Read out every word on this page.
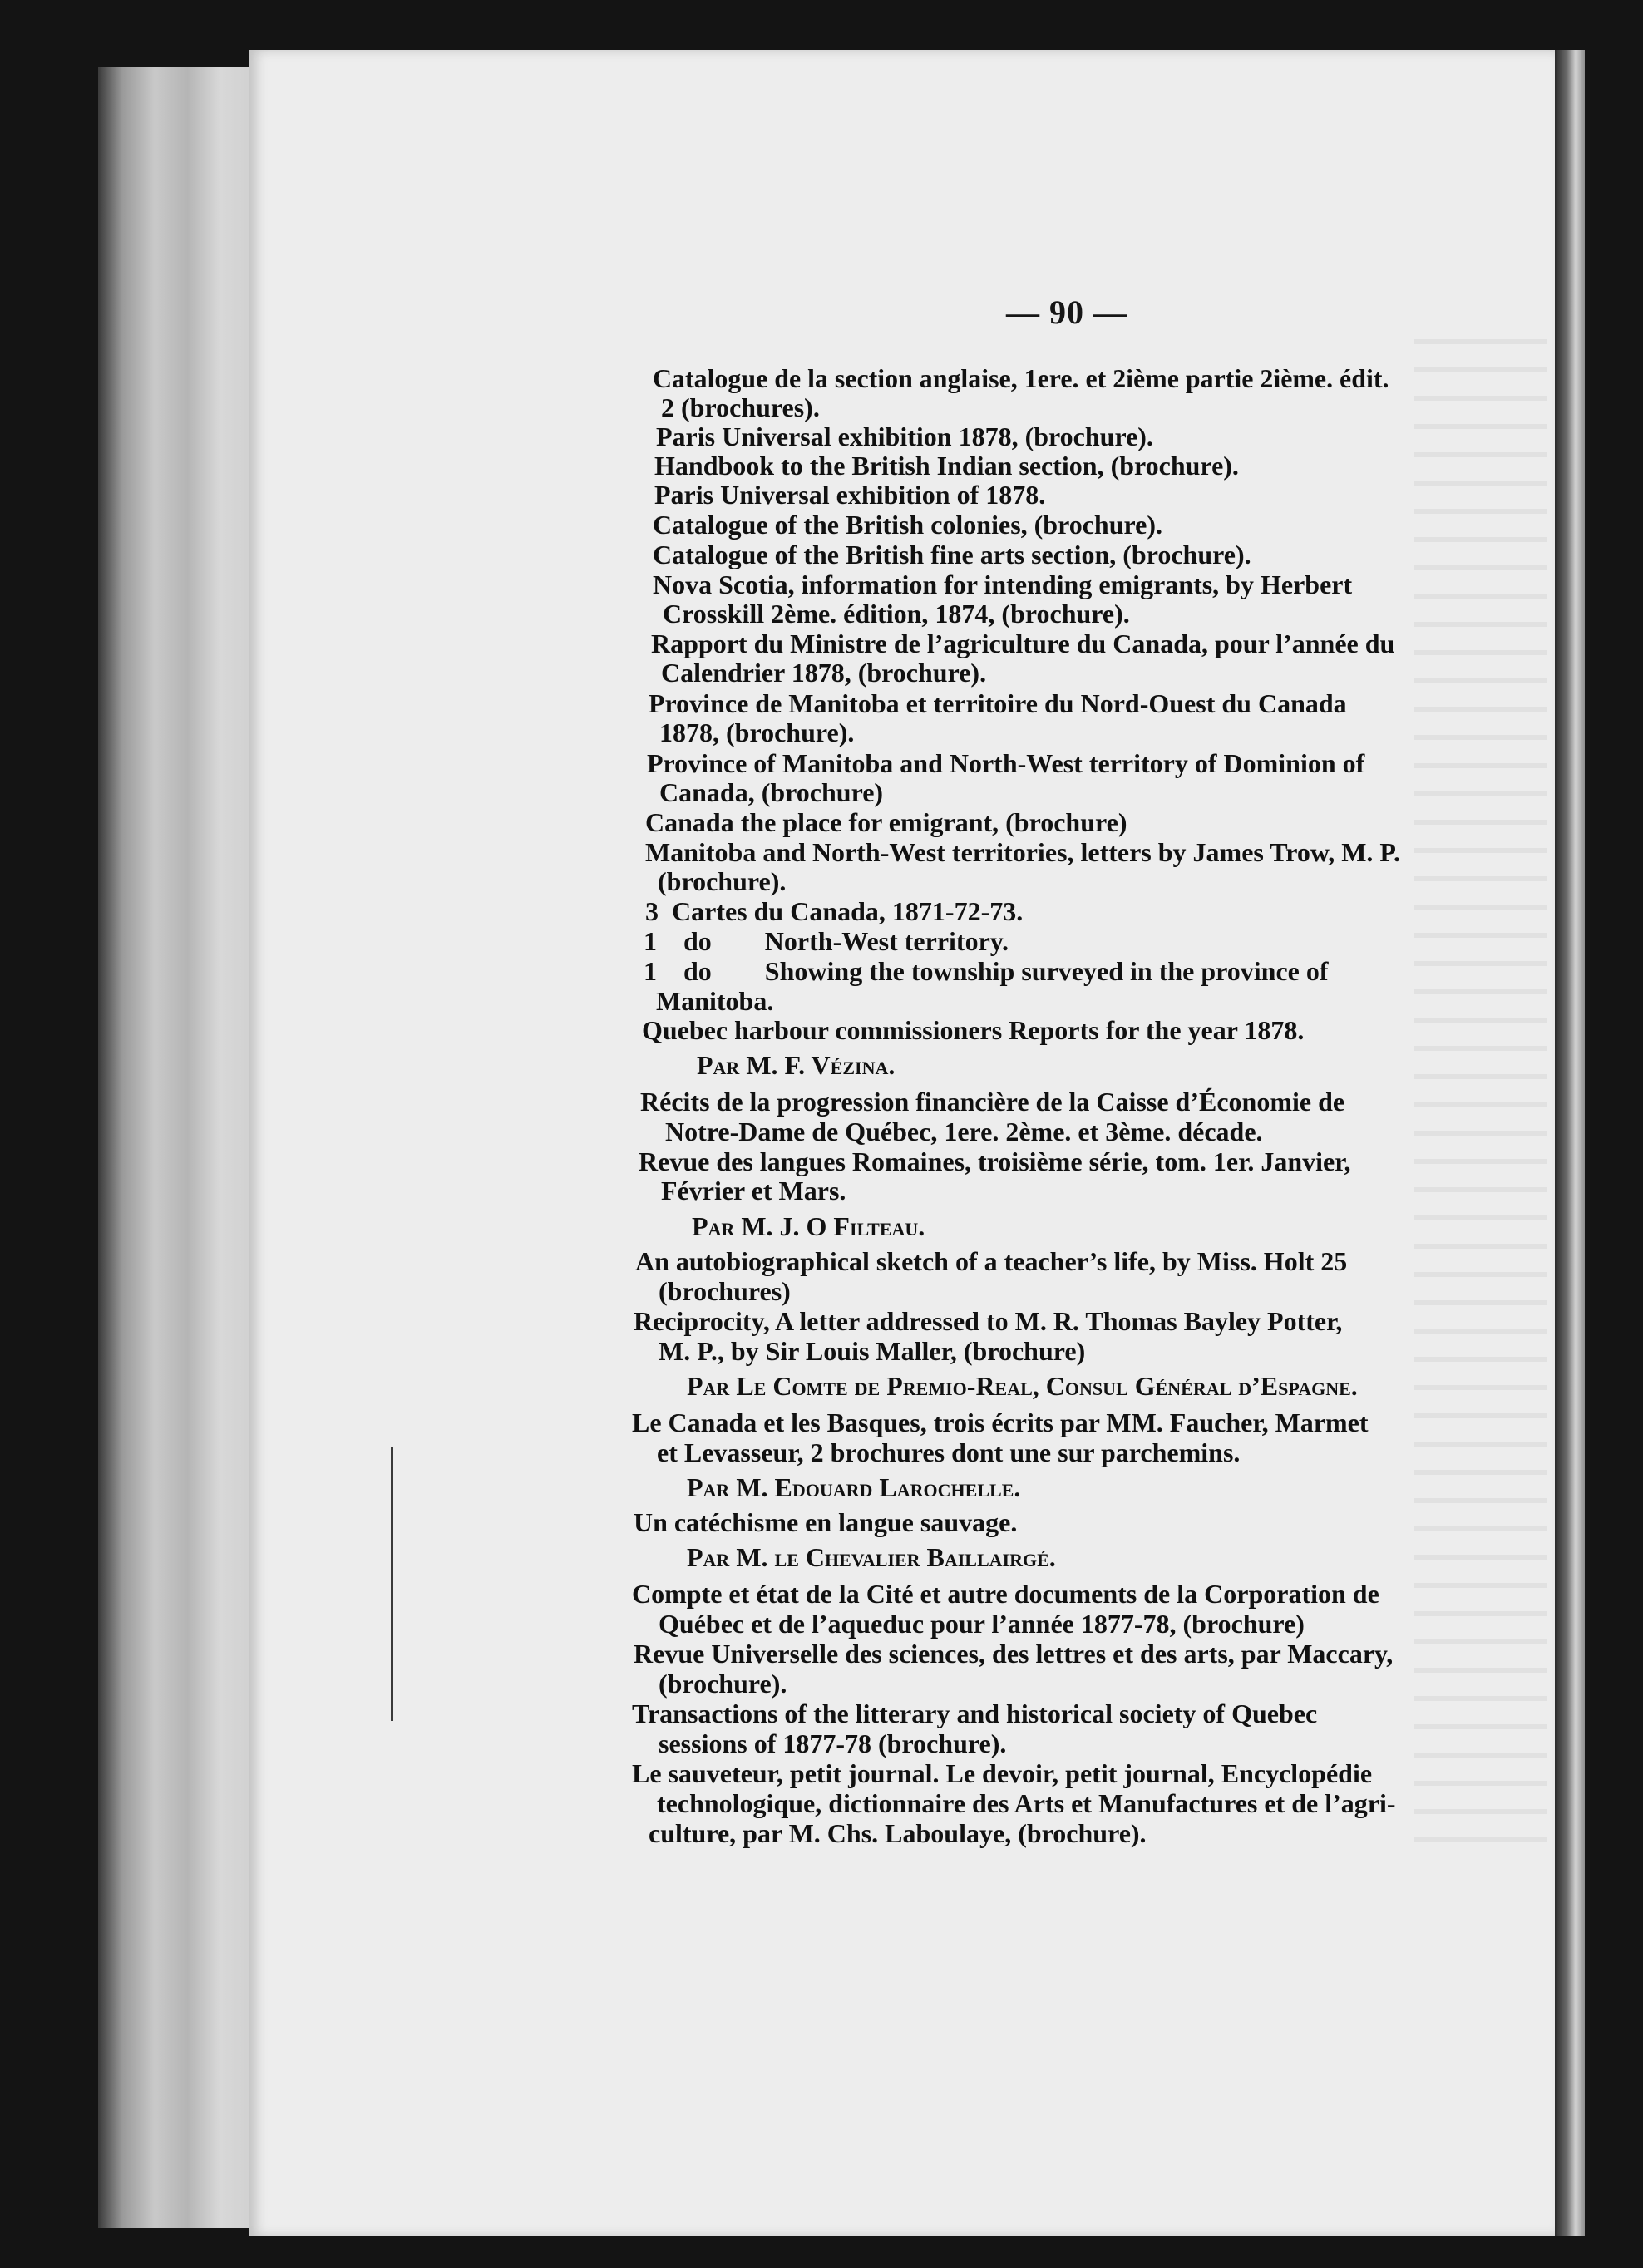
— 90 —
Catalogue de la section anglaise, 1ere. et 2ième partie 2ième. édit.
2 (brochures).
Paris Universal exhibition 1878, (brochure).
Handbook to the British Indian section, (brochure).
Paris Universal exhibition of 1878.
Catalogue of the British colonies, (brochure).
Catalogue of the British fine arts section, (brochure).
Nova Scotia, information for intending emigrants, by Herbert
Crosskill 2ème. édition, 1874, (brochure).
Rapport du Ministre de l’agriculture du Canada, pour l’année du
Calendrier 1878, (brochure).
Province de Manitoba et territoire du Nord-Ouest du Canada
1878, (brochure).
Province of Manitoba and North-West territory of Dominion of
Canada, (brochure)
Canada the place for emigrant, (brochure)
Manitoba and North-West territories, letters by James Trow, M. P.
(brochure).
3  Cartes du Canada, 1871-72-73.
1    do        North-West territory.
1    do        Showing the township surveyed in the province of
Manitoba.
Quebec harbour commissioners Reports for the year 1878.
Par M. F. Vézina.
Récits de la progression financière de la Caisse d’Économie de
Notre-Dame de Québec, 1ere. 2ème. et 3ème. décade.
Revue des langues Romaines, troisième série, tom. 1er. Janvier,
Février et Mars.
Par M. J. O Filteau.
An autobiographical sketch of a teacher’s life, by Miss. Holt 25
(brochures)
Reciprocity, A letter addressed to M. R. Thomas Bayley Potter,
M. P., by Sir Louis Maller, (brochure)
Par Le Comte de Premio-Real, Consul Général d’Espagne.
Le Canada et les Basques, trois écrits par MM. Faucher, Marmet
et Levasseur, 2 brochures dont une sur parchemins.
Par M. Edouard Larochelle.
Un catéchisme en langue sauvage.
Par M. le Chevalier Baillairgé.
Compte et état de la Cité et autre documents de la Corporation de
Québec et de l’aqueduc pour l’année 1877-78, (brochure)
Revue Universelle des sciences, des lettres et des arts, par Maccary,
(brochure).
Transactions of the litterary and historical society of Quebec
sessions of 1877-78 (brochure).
Le sauveteur, petit journal. Le devoir, petit journal, Encyclopédie
technologique, dictionnaire des Arts et Manufactures et de l’agri-
culture, par M. Chs. Laboulaye, (brochure).
